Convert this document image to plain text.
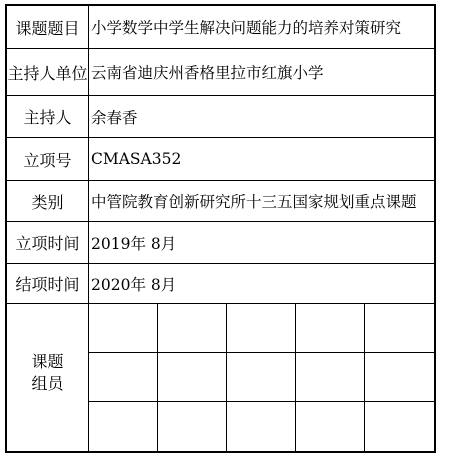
课题题目 小学数学中学生解决问题能力的培养对策研究
主持人单位 云南省迪庆州香格里拉市红旗小学
主持人	余春香
立项号	CMASA352
类别	中管院教育创新研究所十三五国家规划重点课题
立项时间 2019年 8月
结项时间 2020年 8月
课题
组员
